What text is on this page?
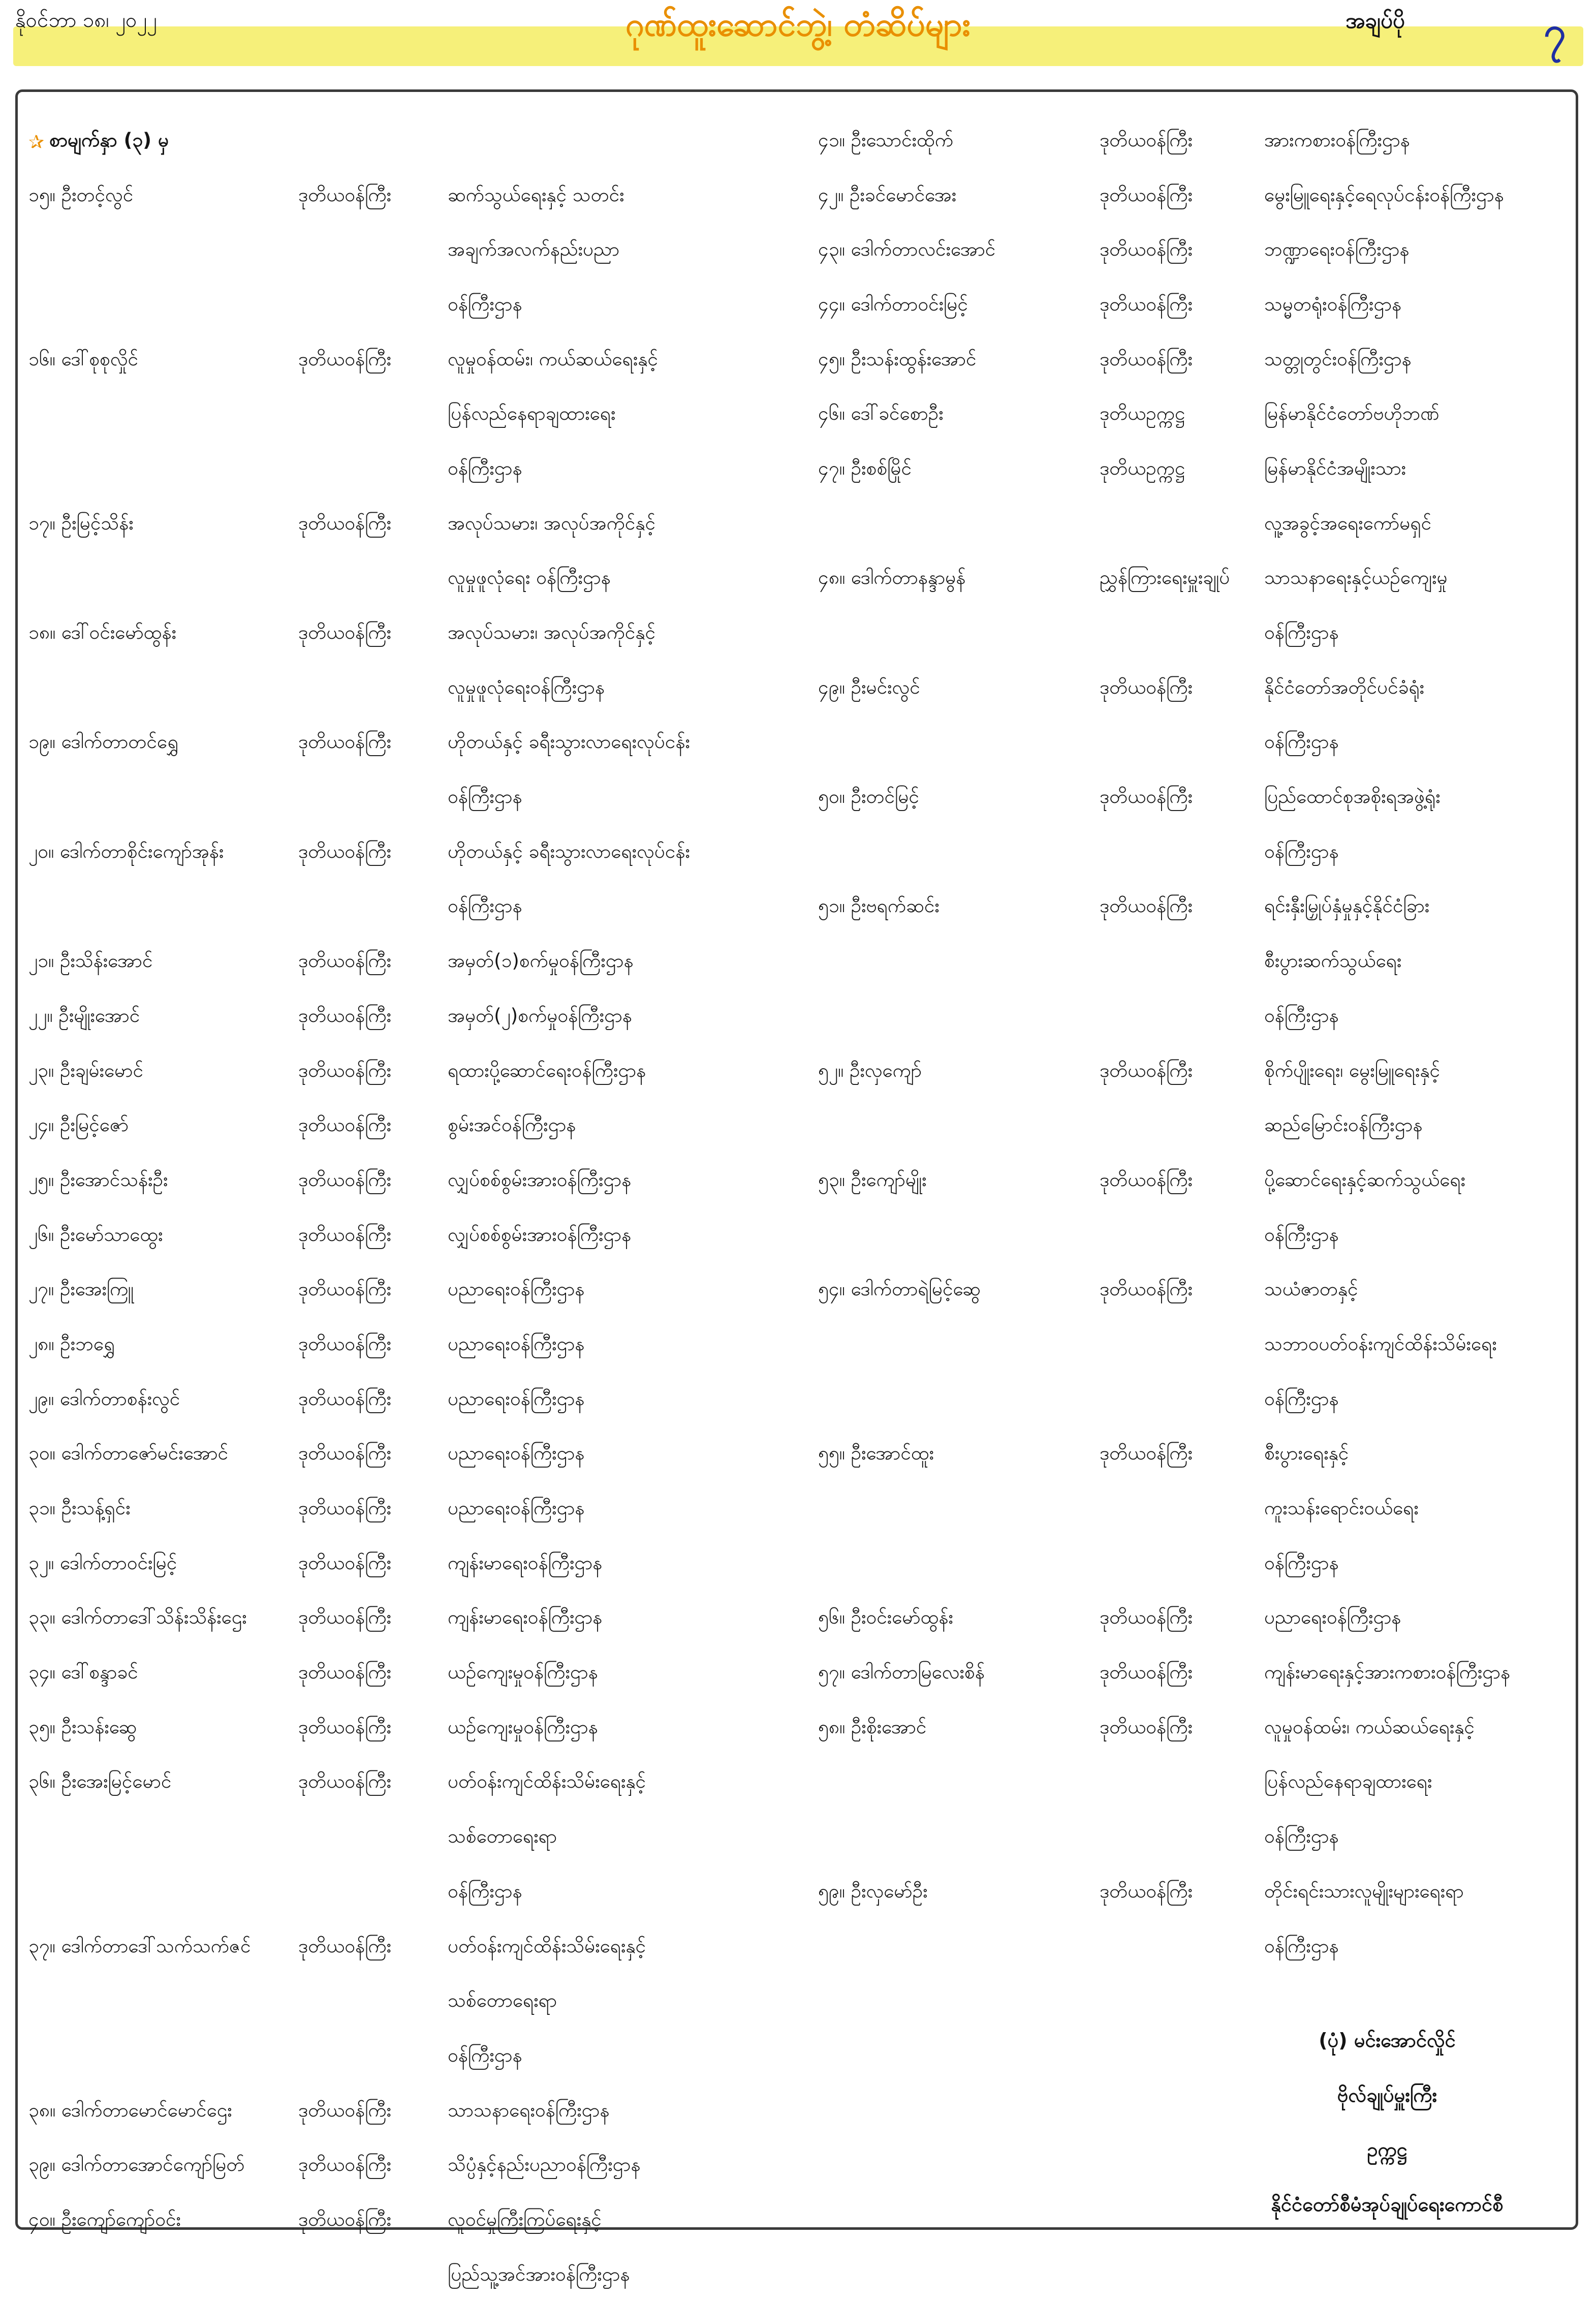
နိုဝင်ဘာ ၁၈၊ ၂၀၂၂	ဂုဏ်ထူးဆောင်ဘွဲ့၊ တံဆိပ်များ	အချပ်ပို	၇
✰ စာမျက်နှာ (၃) မှ
၁၅။ ဦးတင့်လွင်	ဒုတိယဝန်ကြီး	ဆက်သွယ်ရေးနှင့် သတင်း
အချက်အလက်နည်းပညာ
ဝန်ကြီးဌာန
၁၆။ ဒေါ်စုစုလှိုင်	ဒုတိယဝန်ကြီး	လူမှုဝန်ထမ်း၊ ကယ်ဆယ်ရေးနှင့်
ပြန်လည်နေရာချထားရေး
ဝန်ကြီးဌာန
၁၇။ ဦးမြင့်သိန်း	ဒုတိယဝန်ကြီး	အလုပ်သမား၊ အလုပ်အကိုင်နှင့်
လူမှုဖူလုံရေး ဝန်ကြီးဌာန
၁၈။ ဒေါ်ဝင်းမော်ထွန်း	ဒုတိယဝန်ကြီး	အလုပ်သမား၊ အလုပ်အကိုင်နှင့်
လူမှုဖူလုံရေးဝန်ကြီးဌာန
၁၉။ ဒေါက်တာတင်ရွှေ	ဒုတိယဝန်ကြီး	ဟိုတယ်နှင့် ခရီးသွားလာရေးလုပ်ငန်း
ဝန်ကြီးဌာန
၂၀။ ဒေါက်တာစိုင်းကျော်အုန်း	ဒုတိယဝန်ကြီး	ဟိုတယ်နှင့် ခရီးသွားလာရေးလုပ်ငန်း
ဝန်ကြီးဌာန
၂၁။ ဦးသိန်းအောင်	ဒုတိယဝန်ကြီး	အမှတ်(၁)စက်မှုဝန်ကြီးဌာန
၂၂။ ဦးမျိုးအောင်	ဒုတိယဝန်ကြီး	အမှတ်(၂)စက်မှုဝန်ကြီးဌာန
၂၃။ ဦးချမ်းမောင်	ဒုတိယဝန်ကြီး	ရထားပို့ဆောင်ရေးဝန်ကြီးဌာန
၂၄။ ဦးမြင့်ဇော်	ဒုတိယဝန်ကြီး	စွမ်းအင်ဝန်ကြီးဌာန
၂၅။ ဦးအောင်သန်းဦး	ဒုတိယဝန်ကြီး	လျှပ်စစ်စွမ်းအားဝန်ကြီးဌာန
၂၆။ ဦးမော်သာထွေး	ဒုတိယဝန်ကြီး	လျှပ်စစ်စွမ်းအားဝန်ကြီးဌာန
၂၇။ ဦးအေးကြူ	ဒုတိယဝန်ကြီး	ပညာရေးဝန်ကြီးဌာန
၂၈။ ဦးဘရွှေ	ဒုတိယဝန်ကြီး	ပညာရေးဝန်ကြီးဌာန
၂၉။ ဒေါက်တာစန်းလွင်	ဒုတိယဝန်ကြီး	ပညာရေးဝန်ကြီးဌာန
၃၀။ ဒေါက်တာဇော်မင်းအောင်	ဒုတိယဝန်ကြီး	ပညာရေးဝန်ကြီးဌာန
၃၁။ ဦးသန့်ရှင်း	ဒုတိယဝန်ကြီး	ပညာရေးဝန်ကြီးဌာန
၃၂။ ဒေါက်တာဝင်းမြင့်	ဒုတိယဝန်ကြီး	ကျန်းမာရေးဝန်ကြီးဌာန
၃၃။ ဒေါက်တာဒေါ်သိန်းသိန်းဌေး	ဒုတိယဝန်ကြီး	ကျန်းမာရေးဝန်ကြီးဌာန
၃၄။ ဒေါ်စန္ဒာခင်	ဒုတိယဝန်ကြီး	ယဉ်ကျေးမှုဝန်ကြီးဌာန
၃၅။ ဦးသန်းဆွေ	ဒုတိယဝန်ကြီး	ယဉ်ကျေးမှုဝန်ကြီးဌာန
၃၆။ ဦးအေးမြင့်မောင်	ဒုတိယဝန်ကြီး	ပတ်ဝန်းကျင်ထိန်းသိမ်းရေးနှင့်
သစ်တောရေးရာ
ဝန်ကြီးဌာန
၃၇။ ဒေါက်တာဒေါ်သက်သက်ဇင်	ဒုတိယဝန်ကြီး	ပတ်ဝန်းကျင်ထိန်းသိမ်းရေးနှင့်
သစ်တောရေးရာ
ဝန်ကြီးဌာန
၃၈။ ဒေါက်တာမောင်မောင်ဌေး	ဒုတိယဝန်ကြီး	သာသနာရေးဝန်ကြီးဌာန
၃၉။ ဒေါက်တာအောင်ကျော်မြတ်	ဒုတိယဝန်ကြီး	သိပ္ပံနှင့်နည်းပညာဝန်ကြီးဌာန
၄၀။ ဦးကျော်ကျော်ဝင်း	ဒုတိယဝန်ကြီး	လူဝင်မှုကြီးကြပ်ရေးနှင့်
ပြည်သူ့အင်အားဝန်ကြီးဌာန
၄၁။ ဦးသောင်းထိုက်	ဒုတိယဝန်ကြီး	အားကစားဝန်ကြီးဌာန
၄၂။ ဦးခင်မောင်အေး	ဒုတိယဝန်ကြီး	မွေးမြူရေးနှင့်ရေလုပ်ငန်းဝန်ကြီးဌာန
၄၃။ ဒေါက်တာလင်းအောင်	ဒုတိယဝန်ကြီး	ဘဏ္ဍာရေးဝန်ကြီးဌာန
၄၄။ ဒေါက်တာဝင်းမြင့်	ဒုတိယဝန်ကြီး	သမ္မတရုံးဝန်ကြီးဌာန
၄၅။ ဦးသန်းထွန်းအောင်	ဒုတိယဝန်ကြီး	သတ္တုတွင်းဝန်ကြီးဌာန
၄၆။ ဒေါ်ခင်စောဦး	ဒုတိယဥက္ကဋ္ဌ	မြန်မာနိုင်ငံတော်ဗဟိုဘဏ်
၄၇။ ဦးစစ်မြိုင်	ဒုတိယဥက္ကဋ္ဌ	မြန်မာနိုင်ငံအမျိုးသား
လူ့အခွင့်အရေးကော်မရှင်
၄၈။ ဒေါက်တာနန္ဒာမွန်	ညွှန်ကြားရေးမှူးချုပ်	သာသနာရေးနှင့်ယဉ်ကျေးမှု
ဝန်ကြီးဌာန
၄၉။ ဦးမင်းလွင်	ဒုတိယဝန်ကြီး	နိုင်ငံတော်အတိုင်ပင်ခံရုံး
ဝန်ကြီးဌာန
၅၀။ ဦးတင်မြင့်	ဒုတိယဝန်ကြီး	ပြည်ထောင်စုအစိုးရအဖွဲ့ရုံး
ဝန်ကြီးဌာန
၅၁။ ဦးဗရက်ဆင်း	ဒုတိယဝန်ကြီး	ရင်းနှီးမြှုပ်နှံမှုနှင့်နိုင်ငံခြား
စီးပွားဆက်သွယ်ရေး
ဝန်ကြီးဌာန
၅၂။ ဦးလှကျော်	ဒုတိယဝန်ကြီး	စိုက်ပျိုးရေး၊ မွေးမြူရေးနှင့်
ဆည်မြောင်းဝန်ကြီးဌာန
၅၃။ ဦးကျော်မျိုး	ဒုတိယဝန်ကြီး	ပို့ဆောင်ရေးနှင့်ဆက်သွယ်ရေး
ဝန်ကြီးဌာန
၅၄။ ဒေါက်တာရဲမြင့်ဆွေ	ဒုတိယဝန်ကြီး	သယံဇာတနှင့်
သဘာဝပတ်ဝန်းကျင်ထိန်းသိမ်းရေး
ဝန်ကြီးဌာန
၅၅။ ဦးအောင်ထူး	ဒုတိယဝန်ကြီး	စီးပွားရေးနှင့်
ကူးသန်းရောင်းဝယ်ရေး
ဝန်ကြီးဌာန
၅၆။ ဦးဝင်းမော်ထွန်း	ဒုတိယဝန်ကြီး	ပညာရေးဝန်ကြီးဌာန
၅၇။ ဒေါက်တာမြလေးစိန်	ဒုတိယဝန်ကြီး	ကျန်းမာရေးနှင့်အားကစားဝန်ကြီးဌာန
၅၈။ ဦးစိုးအောင်	ဒုတိယဝန်ကြီး	လူမှုဝန်ထမ်း၊ ကယ်ဆယ်ရေးနှင့်
ပြန်လည်နေရာချထားရေး
ဝန်ကြီးဌာန
၅၉။ ဦးလှမော်ဦး	ဒုတိယဝန်ကြီး	တိုင်းရင်းသားလူမျိုးများရေးရာ
ဝန်ကြီးဌာန
(ပုံ) မင်းအောင်လှိုင်
ဗိုလ်ချုပ်မှူးကြီး
ဥက္ကဋ္ဌ
နိုင်ငံတော်စီမံအုပ်ချုပ်ရေးကောင်စီ
